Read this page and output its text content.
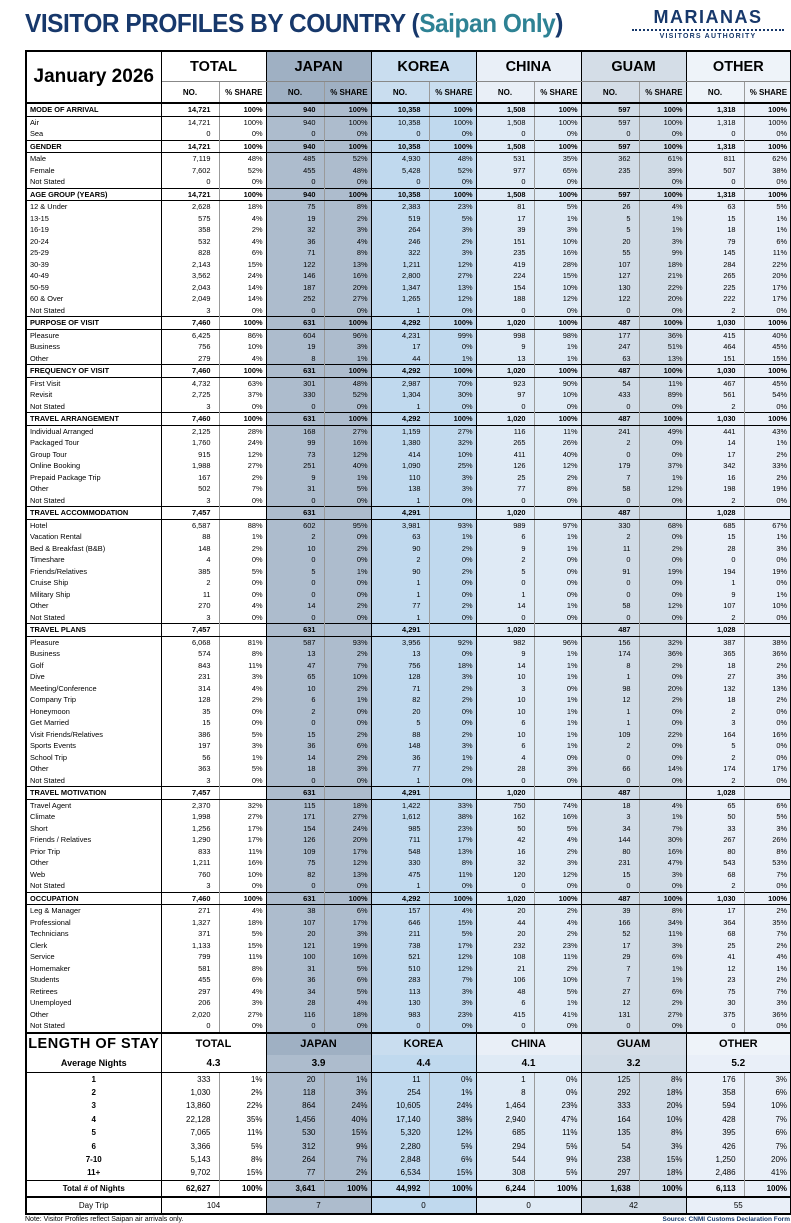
VISITOR PROFILES BY COUNTRY (Saipan Only)	MARIANAS
VISITORS AUTHORITY
January 2026	TOTAL		JAPAN		KOREA		CHINA		GUAM		OTHER	
	NO.	% SHARE	NO.	% SHARE	NO.	% SHARE	NO.	% SHARE	NO.	% SHARE	NO.	% SHARE
MODE OF ARRIVAL	14,721	100%	940	100%	10,358	100%	1,508	100%	597	100%	1,318	100%
Air	14,721	100%	940	100%	10,358	100%	1,508	100%	597	100%	1,318	100%
Sea	0	0%	0	0%	0	0%	0	0%	0	0%	0	0%
GENDER	14,721	100%	940	100%	10,358	100%	1,508	100%	597	100%	1,318	100%
Male	7,119	48%	485	52%	4,930	48%	531	35%	362	61%	811	62%
Female	7,602	52%	455	48%	5,428	52%	977	65%	235	39%	507	38%
Not Stated	0	0%	0	0%	0	0%	0	0%		0%	0	0%
AGE GROUP (YEARS)	14,721	100%	940	100%	10,358	100%	1,508	100%	597	100%	1,318	100%
12 & Under	2,628	18%	75	8%	2,383	23%	81	5%	26	4%	63	5%
13-15	575	4%	19	2%	519	5%	17	1%	5	1%	15	1%
16-19	358	2%	32	3%	264	3%	39	3%	5	1%	18	1%
20-24	532	4%	36	4%	246	2%	151	10%	20	3%	79	6%
25-29	828	6%	71	8%	322	3%	235	16%	55	9%	145	11%
30-39	2,143	15%	122	13%	1,211	12%	419	28%	107	18%	284	22%
40-49	3,562	24%	146	16%	2,800	27%	224	15%	127	21%	265	20%
50-59	2,043	14%	187	20%	1,347	13%	154	10%	130	22%	225	17%
60 & Over	2,049	14%	252	27%	1,265	12%	188	12%	122	20%	222	17%
Not Stated	3	0%	0	0%	1	0%	0	0%	0	0%	2	0%
PURPOSE OF VISIT	7,460	100%	631	100%	4,292	100%	1,020	100%	487	100%	1,030	100%
Pleasure	6,425	86%	604	96%	4,231	99%	998	98%	177	36%	415	40%
Business	756	10%	19	3%	17	0%	9	1%	247	51%	464	45%
Other	279	4%	8	1%	44	1%	13	1%	63	13%	151	15%
FREQUENCY OF VISIT	7,460	100%	631	100%	4,292	100%	1,020	100%	487	100%	1,030	100%
First Visit	4,732	63%	301	48%	2,987	70%	923	90%	54	11%	467	45%
Revisit	2,725	37%	330	52%	1,304	30%	97	10%	433	89%	561	54%
Not Stated	3	0%	0	0%	1	0%	0	0%	0	0%	2	0%
TRAVEL ARRANGEMENT	7,460	100%	631	100%	4,292	100%	1,020	100%	487	100%	1,030	100%
Individual Arranged	2,125	28%	168	27%	1,159	27%	116	11%	241	49%	441	43%
Packaged Tour	1,760	24%	99	16%	1,380	32%	265	26%	2	0%	14	1%
Group Tour	915	12%	73	12%	414	10%	411	40%	0	0%	17	2%
Online Booking	1,988	27%	251	40%	1,090	25%	126	12%	179	37%	342	33%
Prepaid Package Trip	167	2%	9	1%	110	3%	25	2%	7	1%	16	2%
Other	502	7%	31	5%	138	3%	77	8%	58	12%	198	19%
Not Stated	3	0%	0	0%	1	0%	0	0%	0	0%	2	0%
TRAVEL ACCOMMODATION	7,457		631		4,291		1,020		487		1,028	
Hotel	6,587	88%	602	95%	3,981	93%	989	97%	330	68%	685	67%
Vacation Rental	88	1%	2	0%	63	1%	6	1%	2	0%	15	1%
Bed & Breakfast (B&B)	148	2%	10	2%	90	2%	9	1%	11	2%	28	3%
Timeshare	4	0%	0	0%	2	0%	2	0%	0	0%	0	0%
Friends/Relatives	385	5%	5	1%	90	2%	5	0%	91	19%	194	19%
Cruise Ship	2	0%	0	0%	1	0%	0	0%	0	0%	1	0%
Military Ship	11	0%	0	0%	1	0%	1	0%	0	0%	9	1%
Other	270	4%	14	2%	77	2%	14	1%	58	12%	107	10%
Not Stated	3	0%	0	0%	1	0%	0	0%	0	0%	2	0%
TRAVEL PLANS	7,457		631		4,291		1,020		487		1,028	
Pleasure	6,068	81%	587	93%	3,956	92%	982	96%	156	32%	387	38%
Business	574	8%	13	2%	13	0%	9	1%	174	36%	365	36%
Golf	843	11%	47	7%	756	18%	14	1%	8	2%	18	2%
Dive	231	3%	65	10%	128	3%	10	1%	1	0%	27	3%
Meeting/Conference	314	4%	10	2%	71	2%	3	0%	98	20%	132	13%
Company Trip	128	2%	6	1%	82	2%	10	1%	12	2%	18	2%
Honeymoon	35	0%	2	0%	20	0%	10	1%	1	0%	2	0%
Get Married	15	0%	0	0%	5	0%	6	1%	1	0%	3	0%
Visit Friends/Relatives	386	5%	15	2%	88	2%	10	1%	109	22%	164	16%
Sports Events	197	3%	36	6%	148	3%	6	1%	2	0%	5	0%
School Trip	56	1%	14	2%	36	1%	4	0%	0	0%	2	0%
Other	363	5%	18	3%	77	2%	28	3%	66	14%	174	17%
Not Stated	3	0%	0	0%	1	0%	0	0%	0	0%	2	0%
TRAVEL MOTIVATION	7,457		631		4,291		1,020		487		1,028	
Travel Agent	2,370	32%	115	18%	1,422	33%	750	74%	18	4%	65	6%
Climate	1,998	27%	171	27%	1,612	38%	162	16%	3	1%	50	5%
Short	1,256	17%	154	24%	985	23%	50	5%	34	7%	33	3%
Friends / Relatives	1,290	17%	126	20%	711	17%	42	4%	144	30%	267	26%
Prior Trip	833	11%	109	17%	548	13%	16	2%	80	16%	80	8%
Other	1,211	16%	75	12%	330	8%	32	3%	231	47%	543	53%
Web	760	10%	82	13%	475	11%	120	12%	15	3%	68	7%
Not Stated	3	0%	0	0%	1	0%	0	0%	0	0%	2	0%
OCCUPATION	7,460	100%	631	100%	4,292	100%	1,020	100%	487	100%	1,030	100%
Leg & Manager	271	4%	38	6%	157	4%	20	2%	39	8%	17	2%
Professional	1,327	18%	107	17%	646	15%	44	4%	166	34%	364	35%
Technicians	371	5%	20	3%	211	5%	20	2%	52	11%	68	7%
Clerk	1,133	15%	121	19%	738	17%	232	23%	17	3%	25	2%
Service	799	11%	100	16%	521	12%	108	11%	29	6%	41	4%
Homemaker	581	8%	31	5%	510	12%	21	2%	7	1%	12	1%
Students	455	6%	36	6%	283	7%	106	10%	7	1%	23	2%
Retirees	297	4%	34	5%	113	3%	48	5%	27	6%	75	7%
Unemployed	206	3%	28	4%	130	3%	6	1%	12	2%	30	3%
Other	2,020	27%	116	18%	983	23%	415	41%	131	27%	375	36%
Not Stated	0	0%	0	0%	0	0%	0	0%	0	0%	0	0%
LENGTH OF STAY	TOTAL		JAPAN		KOREA		CHINA		GUAM		OTHER	
Average Nights	4.3		3.9		4.4		4.1		3.2		5.2	
1	333	1%	20	1%	11	0%	1	0%	125	8%	176	3%
2	1,030	2%	118	3%	254	1%	8	0%	292	18%	358	6%
3	13,860	22%	864	24%	10,605	24%	1,464	23%	333	20%	594	10%
4	22,128	35%	1,456	40%	17,140	38%	2,940	47%	164	10%	428	7%
5	7,065	11%	530	15%	5,320	12%	685	11%	135	8%	395	6%
6	3,366	5%	312	9%	2,280	5%	294	5%	54	3%	426	7%
7-10	5,143	8%	264	7%	2,848	6%	544	9%	238	15%	1,250	20%
11+	9,702	15%	77	2%	6,534	15%	308	5%	297	18%	2,486	41%
Total # of Nights	62,627	100%	3,641	100%	44,992	100%	6,244	100%	1,638	100%	6,113	100%
Day Trip	104		7		0		0		42		55	
Note: Visitor Profiles reflect Saipan air arrivals only.	Source: CNMI Customs Declaration Form
